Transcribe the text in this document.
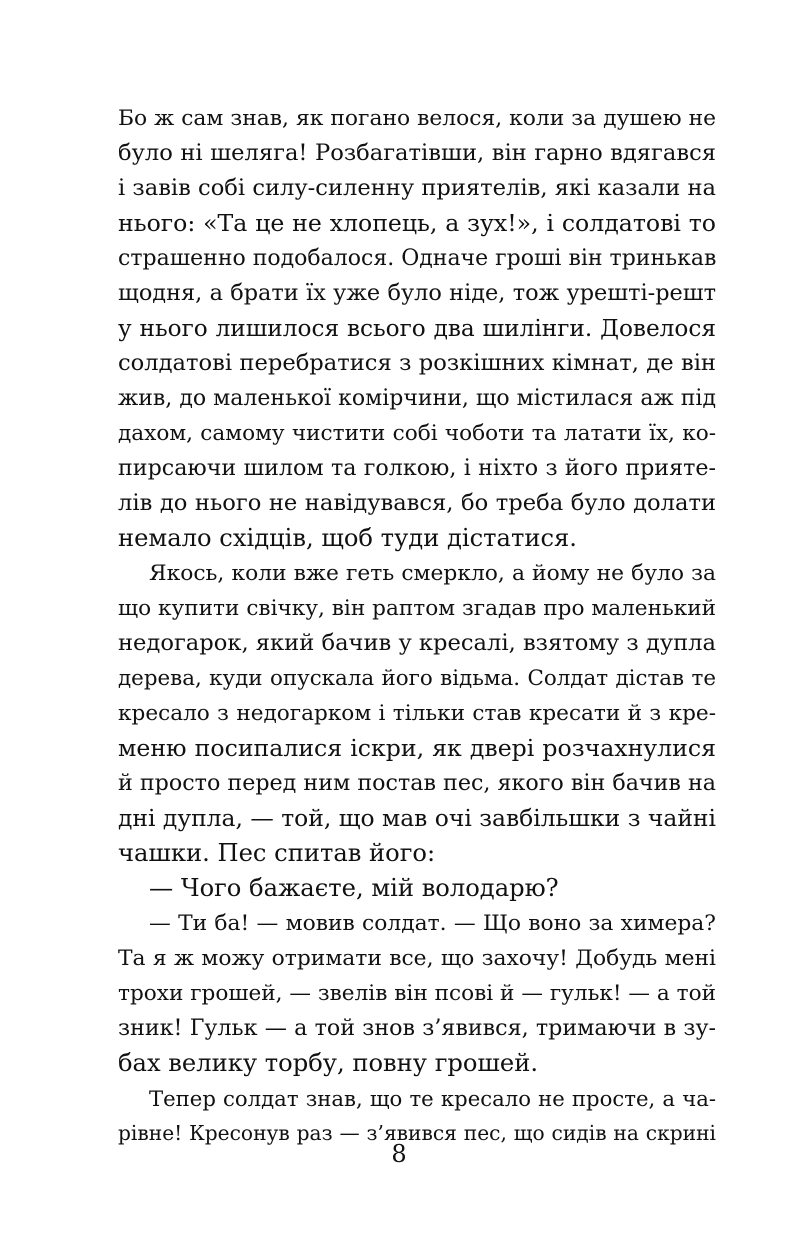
Бо ж сам знав, як погано велося, коли за душею не
було ні шеляга! Розбагатівши, він гарно вдягався
і завів собі силу-силенну приятелів, які казали на
нього: «Та це не хлопець, а зух!», і солдатові то
страшенно подобалося. Одначе гроші він тринькав
щодня, а брати їх уже було ніде, тож урешті-решт
у нього лишилося всього два шилінги. Довелося
солдатові перебратися з розкішних кімнат, де він
жив, до маленької комірчини, що містилася аж під
дахом, самому чистити собі чоботи та латати їх, ко-
пирсаючи шилом та голкою, і ніхто з його приятe-
лів до нього не навідувався, бо треба було долати
немало східців, щоб туди дістатися.
Якось, коли вже геть смеркло, а йому не було за
що купити свічку, він раптом згадав про маленький
недогарок, який бачив у кресалі, взятому з дупла
дерева, куди опускала його відьма. Солдат дістав те
кресало з недогарком і тільки став кресати й з кре-
меню посипалися іскри, як двері розчахнулися
й просто перед ним постав пес, якого він бачив на
дні дупла, — той, що мав очі завбільшки з чайні
чашки. Пес спитав його:
— Чого бажаєте, мій володарю?
— Ти ба! — мовив солдат. — Що воно за химера?
Та я ж можу отримати все, що захочу! Добудь мені
трохи грошей, — звелів він псові й — гульк! — а той
зник! Гульк — а той знов з’явився, тримаючи в зу-
бах велику торбу, повну грошей.
Тепер солдат знав, що те кресало не просте, а ча-
рівне! Кресонув раз — з’явився пес, що сидів на скрині
8
